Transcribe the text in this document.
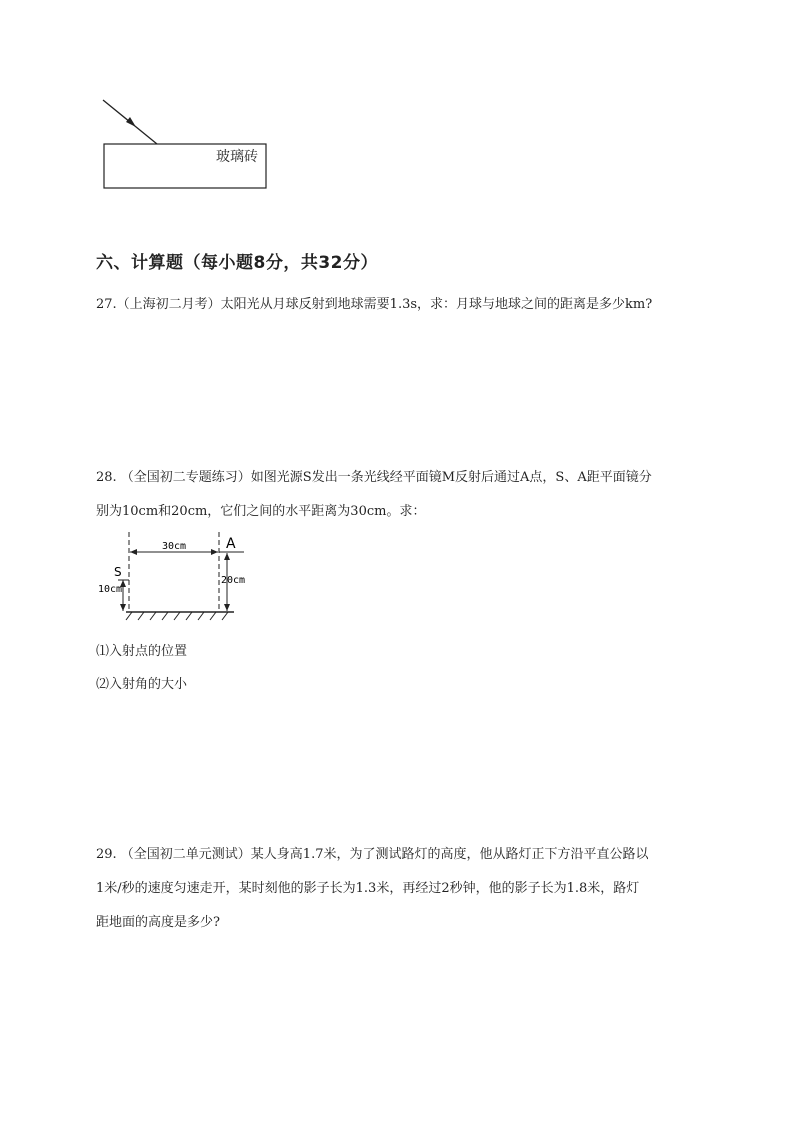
玻璃砖
六、计算题（每小题8分，共32分）
27.（上海初二月考）太阳光从月球反射到地球需要1.3s，求：月球与地球之间的距离是多少km?
28. （全国初二专题练习）如图光源S发出一条光线经平面镜M反射后通过A点，S、A距平面镜分
别为10cm和20cm，它们之间的水平距离为30cm。求：
30cm	A
S
10cm
20cm
⑴入射点的位置
⑵入射角的大小
29. （全国初二单元测试）某人身高1.7米，为了测试路灯的高度，他从路灯正下方沿平直公路以
1米/秒的速度匀速走开，某时刻他的影子长为1.3米，再经过2秒钟，他的影子长为1.8米，路灯
距地面的高度是多少?
